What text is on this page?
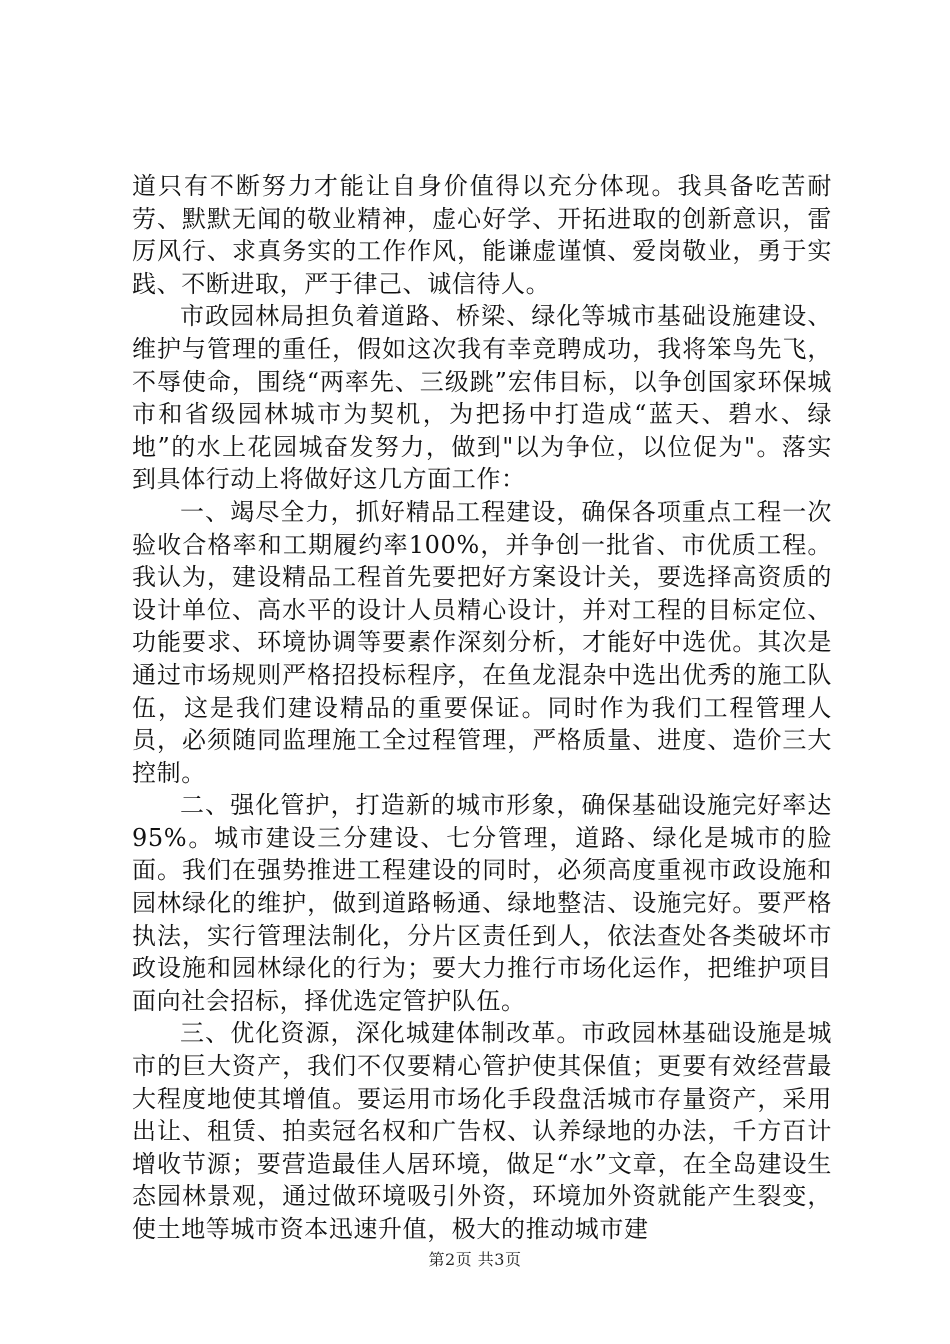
道只有不断努力才能让自身价值得以充分体现。我具备吃苦耐劳、默默无闻的敬业精神，虚心好学、开拓进取的创新意识，雷厉风行、求真务实的工作作风，能谦虚谨慎、爱岗敬业，勇于实践、不断进取，严于律己、诚信待人。

市政园林局担负着道路、桥梁、绿化等城市基础设施建设、维护与管理的重任，假如这次我有幸竞聘成功，我将笨鸟先飞，不辱使命，围绕“两率先、三级跳”宏伟目标，以争创国家环保城市和省级园林城市为契机，为把扬中打造成“蓝天、碧水、绿地”的水上花园城奋发努力，做到"以为争位，以位促为"。落实到具体行动上将做好这几方面工作：

一、竭尽全力，抓好精品工程建设，确保各项重点工程一次验收合格率和工期履约率100%，并争创一批省、市优质工程。我认为，建设精品工程首先要把好方案设计关，要选择高资质的设计单位、高水平的设计人员精心设计，并对工程的目标定位、功能要求、环境协调等要素作深刻分析，才能好中选优。其次是通过市场规则严格招投标程序，在鱼龙混杂中选出优秀的施工队伍，这是我们建设精品的重要保证。同时作为我们工程管理人员，必须随同监理施工全过程管理，严格质量、进度、造价三大控制。

二、强化管护，打造新的城市形象，确保基础设施完好率达95%。城市建设三分建设、七分管理，道路、绿化是城市的脸面。我们在强势推进工程建设的同时，必须高度重视市政设施和园林绿化的维护，做到道路畅通、绿地整洁、设施完好。要严格执法，实行管理法制化，分片区责任到人，依法查处各类破坏市政设施和园林绿化的行为；要大力推行市场化运作，把维护项目面向社会招标，择优选定管护队伍。

三、优化资源，深化城建体制改革。市政园林基础设施是城市的巨大资产，我们不仅要精心管护使其保值；更要有效经营最大程度地使其增值。要运用市场化手段盘活城市存量资产，采用出让、租赁、拍卖冠名权和广告权、认养绿地的办法，千方百计增收节源；要营造最佳人居环境，做足“水”文章，在全岛建设生态园林景观，通过做环境吸引外资，环境加外资就能产生裂变，使土地等城市资本迅速升值，极大的推动城市建

第2页 共3页
